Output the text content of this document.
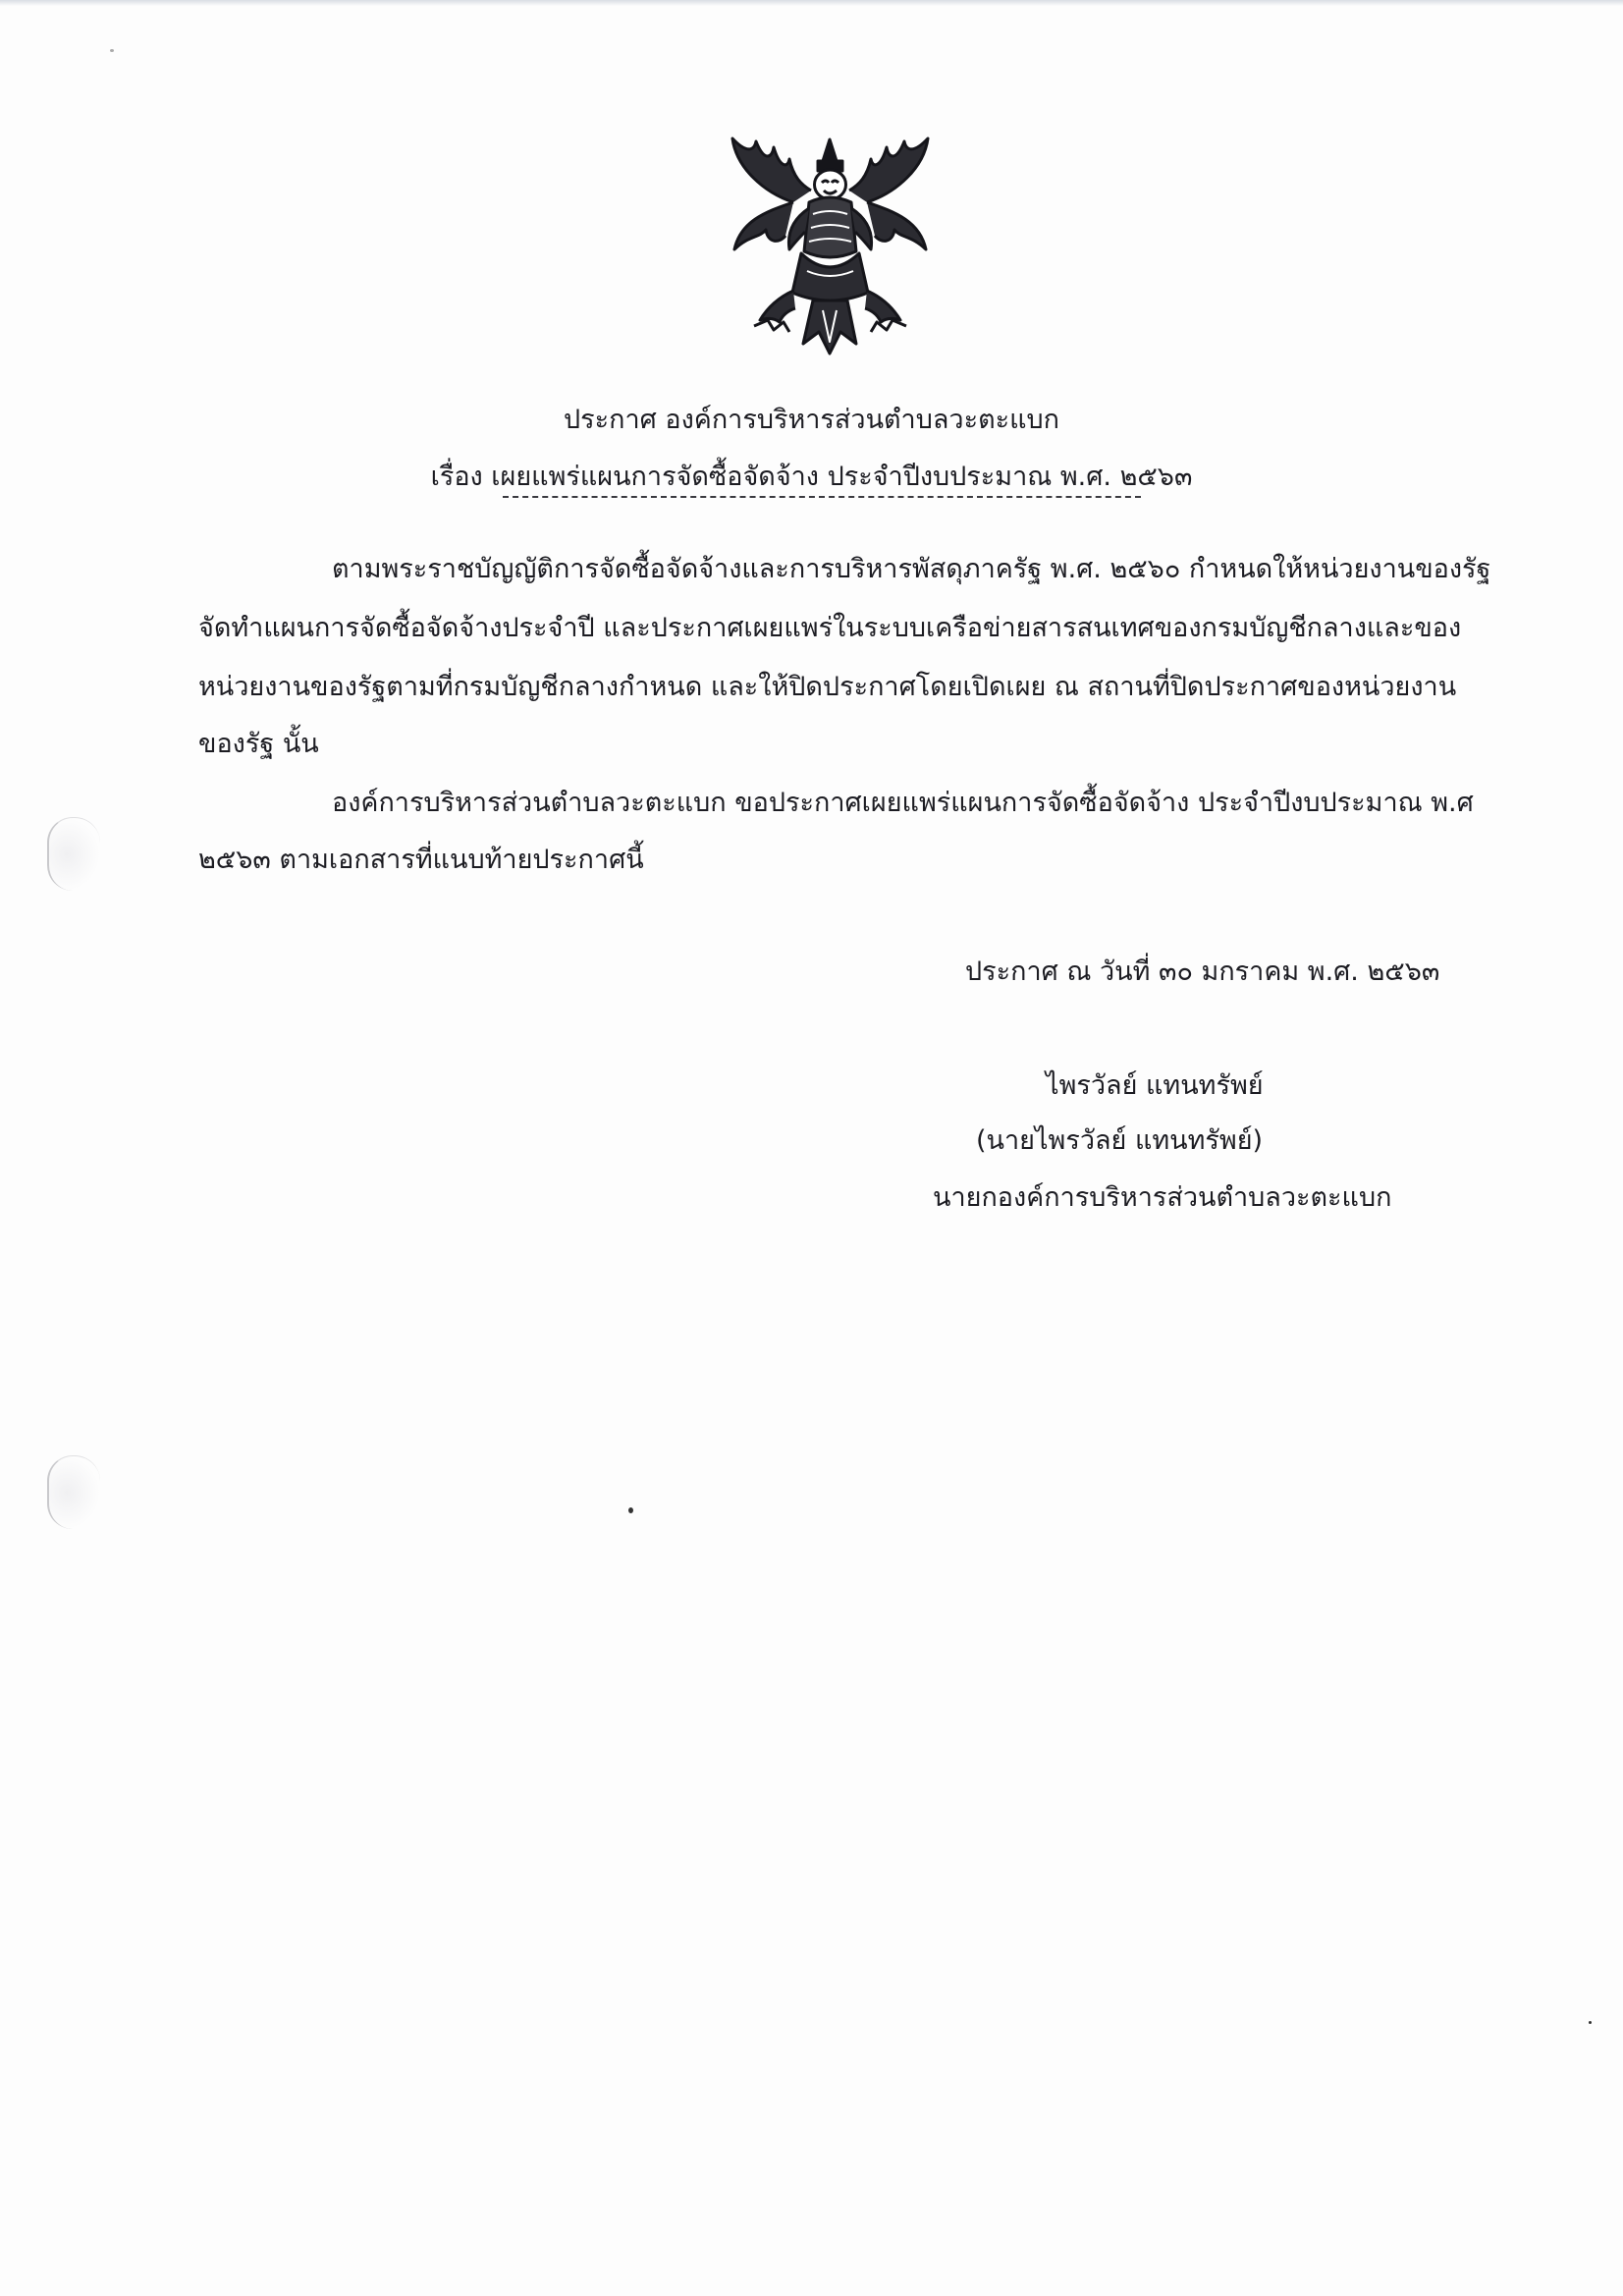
ประกาศ องค์การบริหารส่วนตำบลวะตะแบก
เรื่อง เผยแพร่แผนการจัดซื้อจัดจ้าง ประจำปีงบประมาณ พ.ศ. ๒๕๖๓
ตามพระราชบัญญัติการจัดซื้อจัดจ้างและการบริหารพัสดุภาครัฐ พ.ศ. ๒๕๖๐ กำหนดให้หน่วยงานของรัฐ
จัดทำแผนการจัดซื้อจัดจ้างประจำปี และประกาศเผยแพร่ในระบบเครือข่ายสารสนเทศของกรมบัญชีกลางและของ
หน่วยงานของรัฐตามที่กรมบัญชีกลางกำหนด และให้ปิดประกาศโดยเปิดเผย ณ สถานที่ปิดประกาศของหน่วยงาน
ของรัฐ นั้น
องค์การบริหารส่วนตำบลวะตะแบก ขอประกาศเผยแพร่แผนการจัดซื้อจัดจ้าง ประจำปีงบประมาณ พ.ศ
๒๕๖๓ ตามเอกสารที่แนบท้ายประกาศนี้
ประกาศ ณ วันที่ ๓๐ มกราคม พ.ศ. ๒๕๖๓
ไพรวัลย์ แทนทรัพย์
(นายไพรวัลย์ แทนทรัพย์)
นายกองค์การบริหารส่วนตำบลวะตะแบก
